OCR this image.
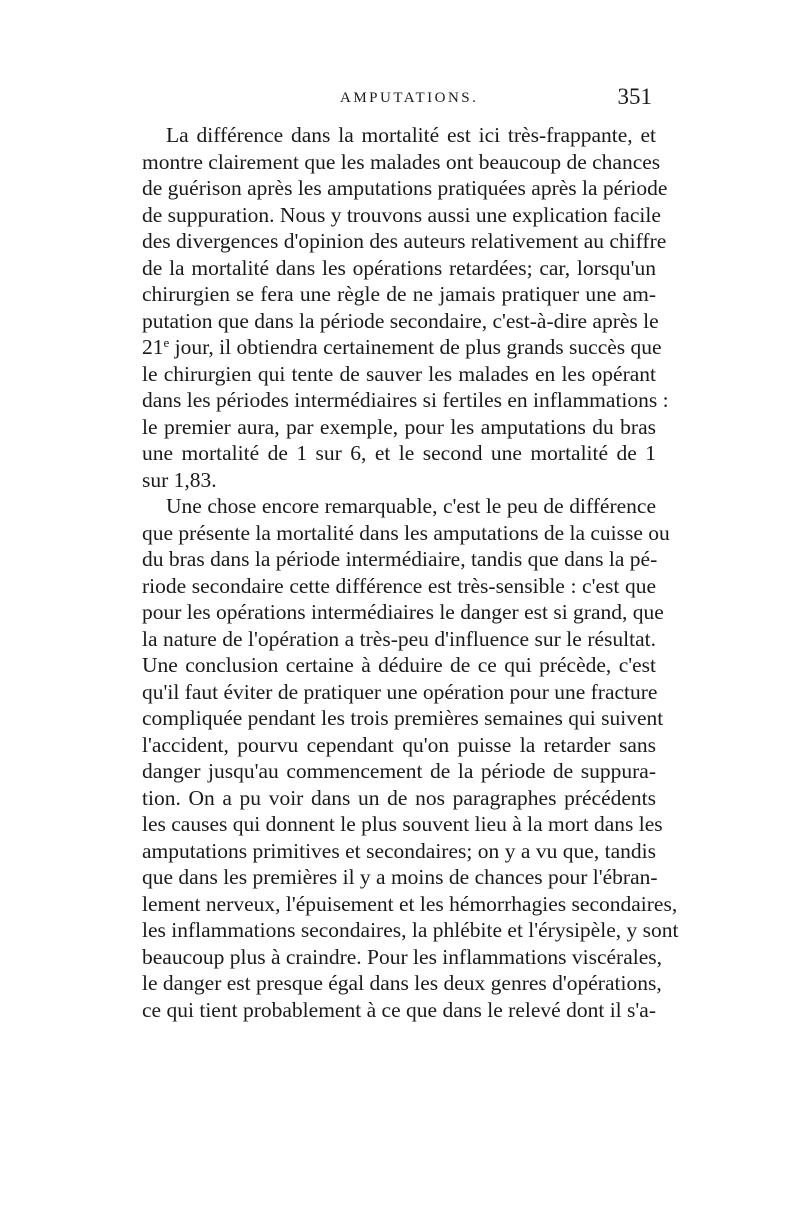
AMPUTATIONS.	351
La différence dans la mortalité est ici très-frappante, et
montre clairement que les malades ont beaucoup de chances
de guérison après les amputations pratiquées après la période
de suppuration. Nous y trouvons aussi une explication facile
des divergences d'opinion des auteurs relativement au chiffre
de la mortalité dans les opérations retardées; car, lorsqu'un
chirurgien se fera une règle de ne jamais pratiquer une am-
putation que dans la période secondaire, c'est-à-dire après le
21e jour, il obtiendra certainement de plus grands succès que
le chirurgien qui tente de sauver les malades en les opérant
dans les périodes intermédiaires si fertiles en inflammations :
le premier aura, par exemple, pour les amputations du bras
une mortalité de 1 sur 6, et le second une mortalité de 1
sur 1,83.
Une chose encore remarquable, c'est le peu de différence
que présente la mortalité dans les amputations de la cuisse ou
du bras dans la période intermédiaire, tandis que dans la pé-
riode secondaire cette différence est très-sensible : c'est que
pour les opérations intermédiaires le danger est si grand, que
la nature de l'opération a très-peu d'influence sur le résultat.
Une conclusion certaine à déduire de ce qui précède, c'est
qu'il faut éviter de pratiquer une opération pour une fracture
compliquée pendant les trois premières semaines qui suivent
l'accident, pourvu cependant qu'on puisse la retarder sans
danger jusqu'au commencement de la période de suppura-
tion. On a pu voir dans un de nos paragraphes précédents
les causes qui donnent le plus souvent lieu à la mort dans les
amputations primitives et secondaires; on y a vu que, tandis
que dans les premières il y a moins de chances pour l'ébran-
lement nerveux, l'épuisement et les hémorrhagies secondaires,
les inflammations secondaires, la phlébite et l'érysipèle, y sont
beaucoup plus à craindre. Pour les inflammations viscérales,
le danger est presque égal dans les deux genres d'opérations,
ce qui tient probablement à ce que dans le relevé dont il s'a-
